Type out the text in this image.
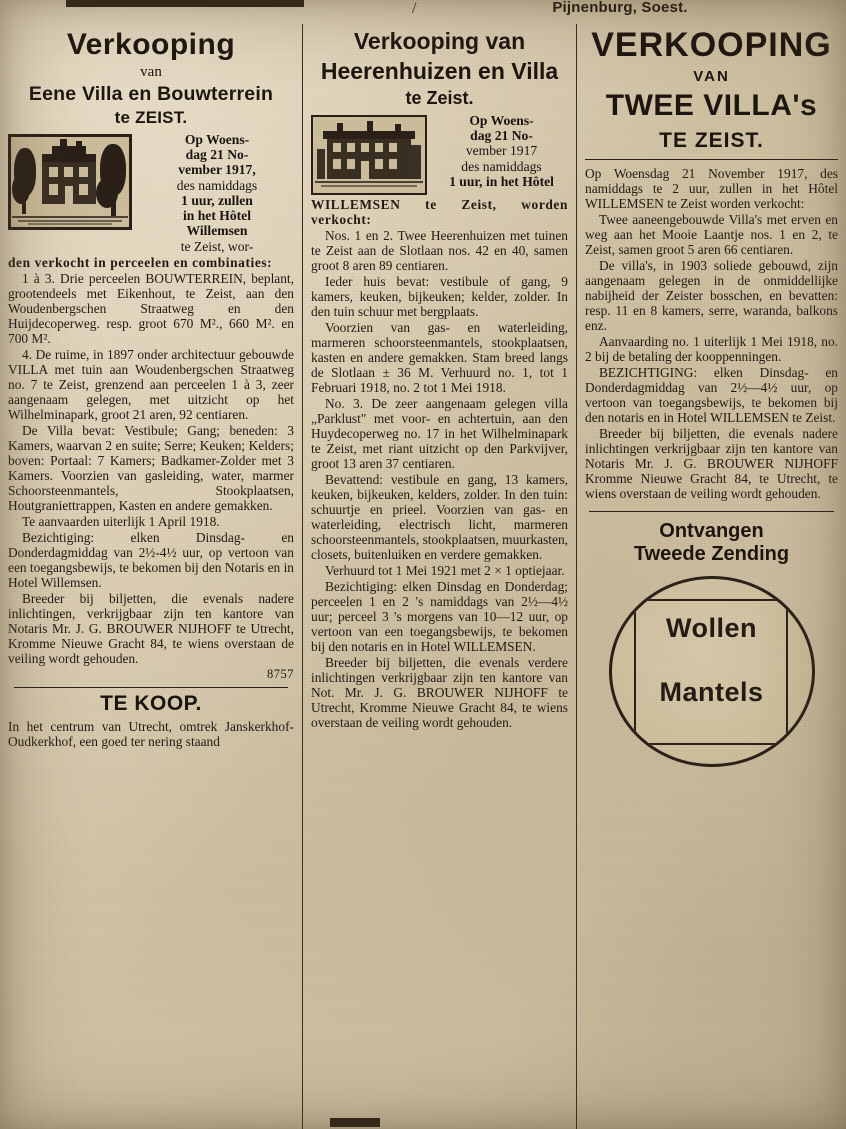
/	Pijnenburg, Soest.
Verkooping
van
Eene Villa en Bouwterrein
te ZEIST.
Op Woens-
dag 21 No-
vember 1917,
des namiddags
1 uur, zullen
in het Hôtel
Willemsen
te Zeist, wor-

den verkocht in perceelen en combinaties:

1 à 3. Drie perceelen BOUWTERREIN, beplant, grootendeels met Eikenhout, te Zeist, aan den Woudenbergschen Straatweg en den Huijdecoperweg. resp. groot 670 M²., 660 M². en 700 M².

4. De ruime, in 1897 onder architectuur gebouwde VILLA met tuin aan Woudenbergschen Straatweg no. 7 te Zeist, grenzend aan perceelen 1 à 3, zeer aangenaam gelegen, met uitzicht op het Wilhelminapark, groot 21 aren, 92 centiaren.

De Villa bevat: Vestibule; Gang; beneden: 3 Kamers, waarvan 2 en suite; Serre; Keuken; Kelders; boven: Portaal: 7 Kamers; Badkamer-Zolder met 3 Kamers. Voorzien van gasleiding, water, marmer Schoorsteenmantels, Stookplaatsen, Houtgraniettrappen, Kasten en andere gemakken.

Te aanvaarden uiterlijk 1 April 1918.

Bezichtiging: elken Dinsdag- en Donderdagmiddag van 2½-4½ uur, op vertoon van een toegangsbewijs, te bekomen bij den Notaris en in Hotel Willemsen.

Breeder bij biljetten, die evenals nadere inlichtingen, verkrijgbaar zijn ten kantore van Notaris Mr. J. G. BROUWER NIJHOFF te Utrecht, Kromme Nieuwe Gracht 84, te wiens overstaan de veiling wordt gehouden.

8757
TE KOOP.

In het centrum van Utrecht, omtrek Janskerkhof-Oudkerkhof, een goed ter nering staand

Verkooping van
Heerenhuizen en Villa
te Zeist.
Op Woens-
dag 21 No-
vember 1917
des namiddags
1 uur, in het Hôtel

WILLEMSEN te Zeist, worden verkocht:

Nos. 1 en 2. Twee Heerenhuizen met tuinen te Zeist aan de Slotlaan nos. 42 en 40, samen groot 8 aren 89 centiaren.

Ieder huis bevat: vestibule of gang, 9 kamers, keuken, bijkeuken; kelder, zolder. In den tuin schuur met bergplaats.

Voorzien van gas- en waterleiding, marmeren schoorsteenmantels, stookplaatsen, kasten en andere gemakken. Stam breed langs de Slotlaan ± 36 M. Verhuurd no. 1, tot 1 Februari 1918, no. 2 tot 1 Mei 1918.

No. 3. De zeer aangenaam gelegen villa „Parklust" met voor- en achtertuin, aan den Huydecoperweg no. 17 in het Wilhelminapark te Zeist, met riant uitzicht op den Parkvijver, groot 13 aren 37 centiaren.

Bevattend: vestibule en gang, 13 kamers, keuken, bijkeuken, kelders, zolder. In den tuin: schuurtje en prieel. Voorzien van gas- en waterleiding, electrisch licht, marmeren schoorsteenmantels, stookplaatsen, muurkasten, closets, buitenluiken en verdere gemakken.

Verhuurd tot 1 Mei 1921 met 2 × 1 optiejaar.

Bezichtiging: elken Dinsdag en Donderdag; perceelen 1 en 2 's namiddags van 2½—4½ uur; perceel 3 's morgens van 10—12 uur, op vertoon van een toegangsbewijs, te bekomen bij den notaris en in Hotel WILLEMSEN.

Breeder bij biljetten, die evenals verdere inlichtingen verkrijgbaar zijn ten kantore van Not. Mr. J. G. BROUWER NIJHOFF te Utrecht, Kromme Nieuwe Gracht 84, te wiens overstaan de veiling wordt gehouden.

VERKOOPING
VAN
TWEE VILLA's
TE ZEIST.

Op Woensdag 21 November 1917, des namiddags te 2 uur, zullen in het Hôtel WILLEMSEN te Zeist worden verkocht:

Twee aaneengebouwde Villa's met erven en weg aan het Mooie Laantje nos. 1 en 2, te Zeist, samen groot 5 aren 66 centiaren.

De villa's, in 1903 soliede gebouwd, zijn aangenaam gelegen in de onmiddellijke nabijheid der Zeister bosschen, en bevatten: resp. 11 en 8 kamers, serre, waranda, balkons enz.

Aanvaarding no. 1 uiterlijk 1 Mei 1918, no. 2 bij de betaling der kooppenningen.

BEZICHTIGING: elken Dinsdag- en Donderdagmiddag van 2½—4½ uur, op vertoon van toegangsbewijs, te bekomen bij den notaris en in Hotel WILLEMSEN te Zeist.

Breeder bij biljetten, die evenals nadere inlichtingen verkrijgbaar zijn ten kantore van Notaris Mr. J. G. BROUWER NIJHOFF Kromme Nieuwe Gracht 84, te Utrecht, te wiens overstaan de veiling wordt gehouden.

Ontvangen
Tweede Zending
Wollen
Mantels
